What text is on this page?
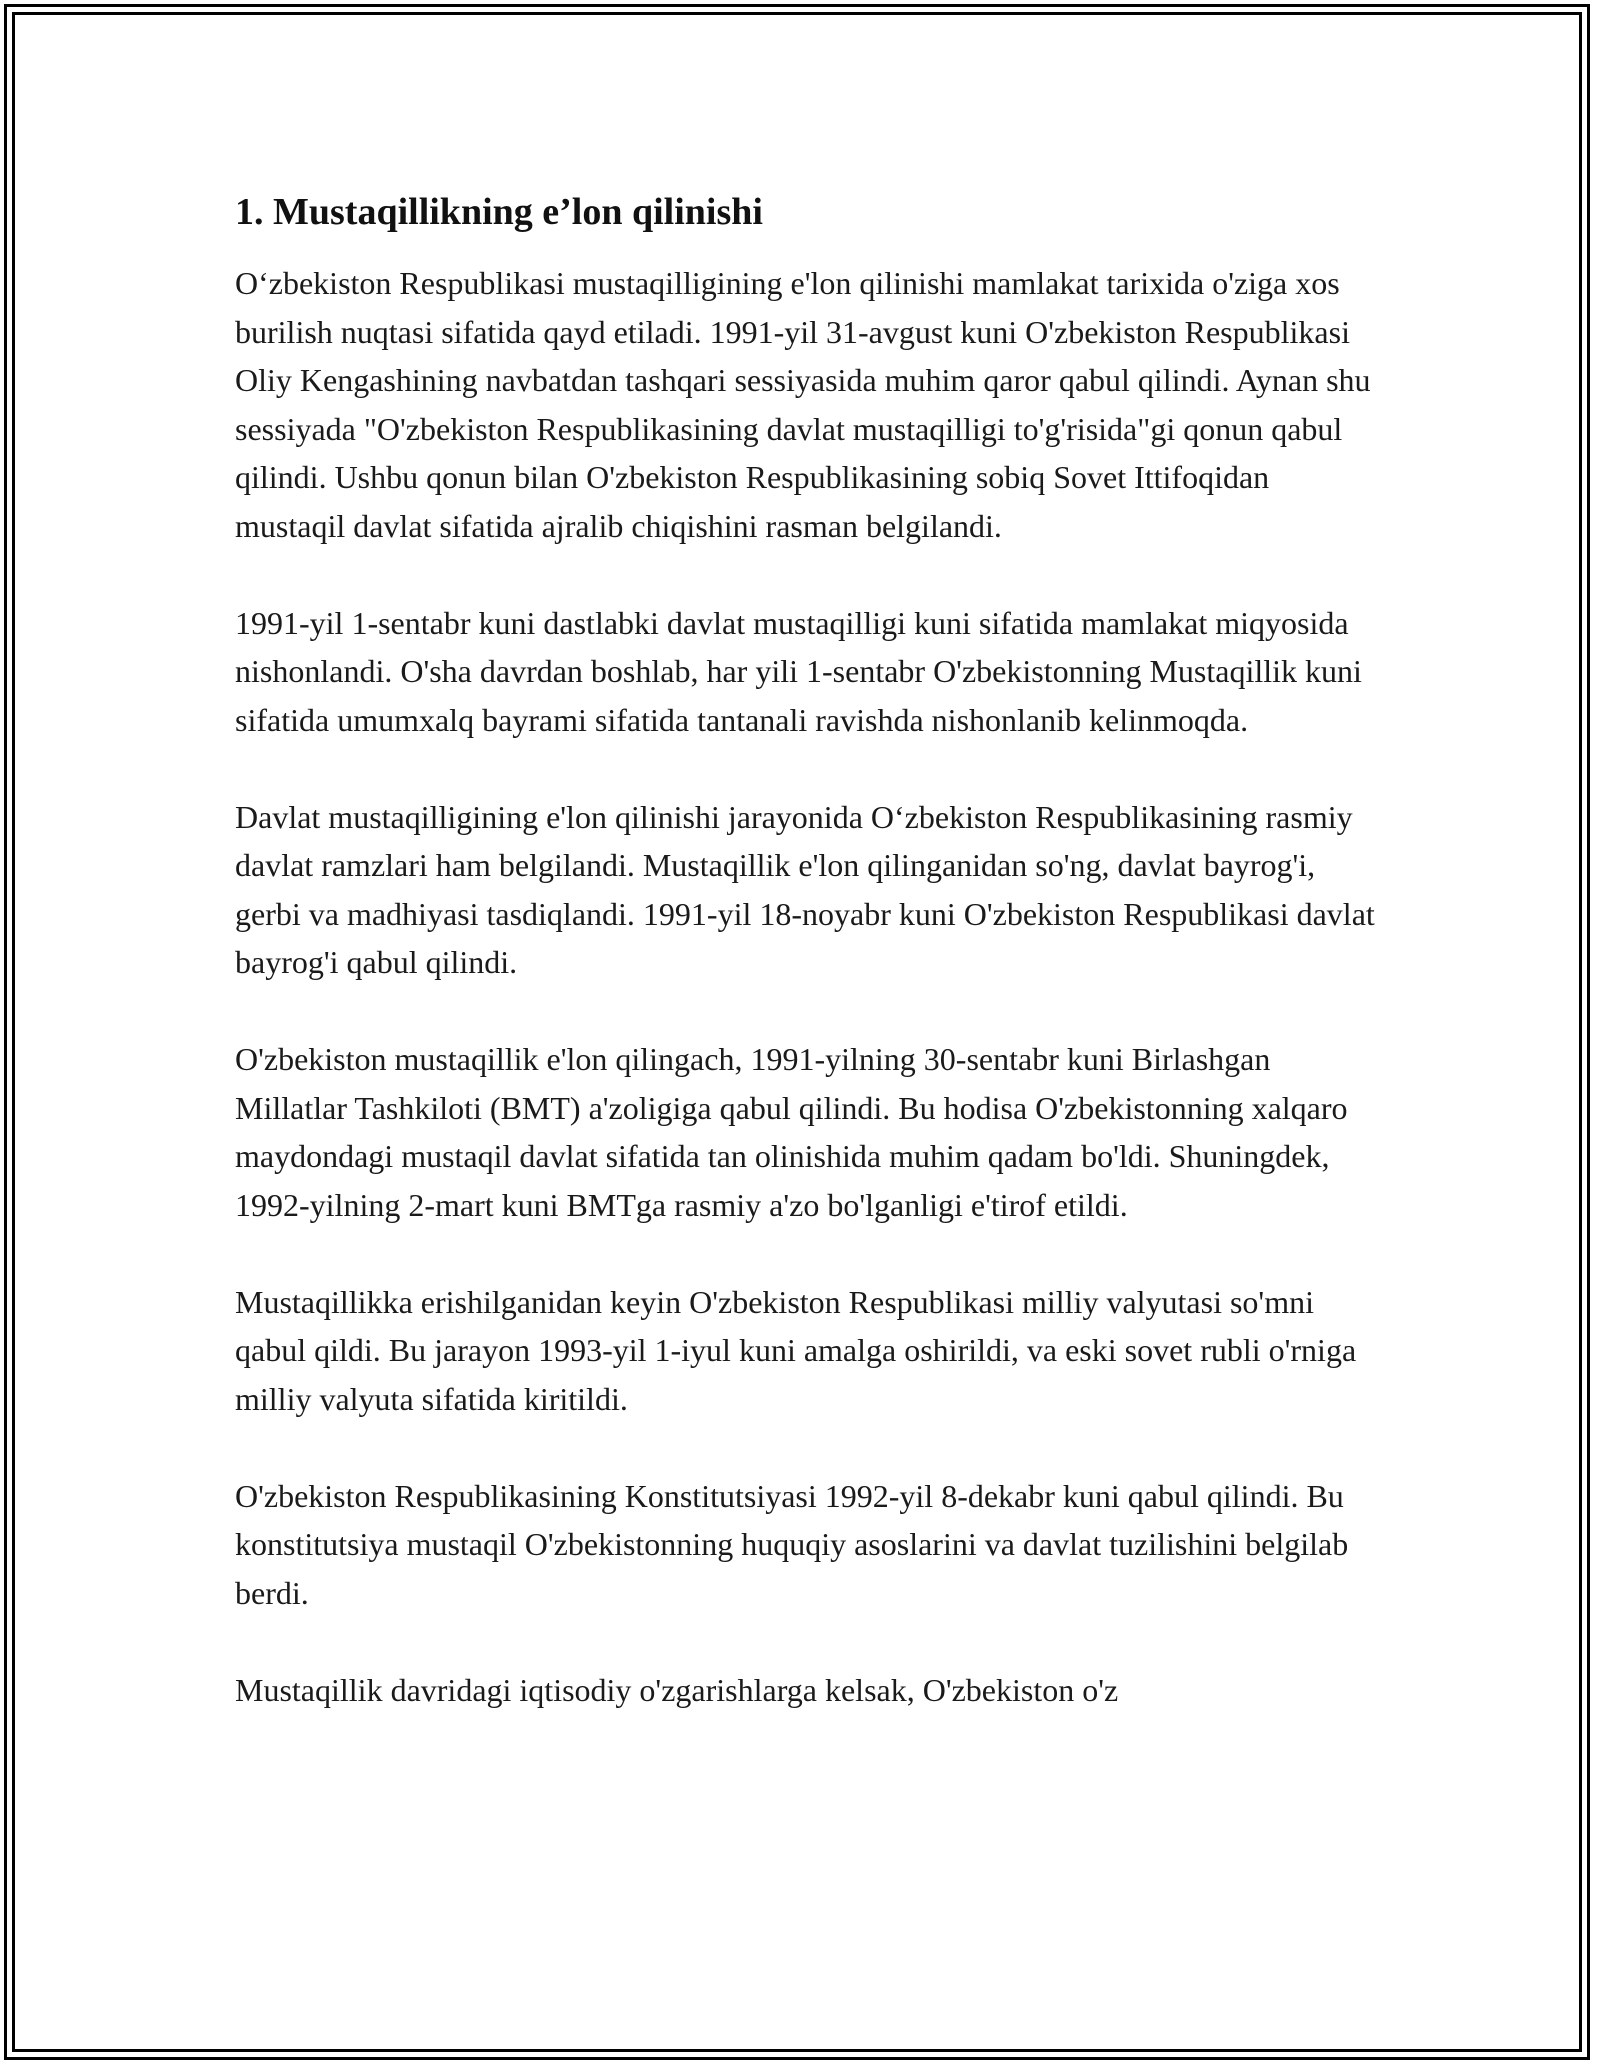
1. Mustaqillikning e’lon qilinishi

O‘zbekiston Respublikasi mustaqilligining e'lon qilinishi mamlakat tarixida o'ziga xos burilish nuqtasi sifatida qayd etiladi. 1991-yil 31-avgust kuni O'zbekiston Respublikasi Oliy Kengashining navbatdan tashqari sessiyasida muhim qaror qabul qilindi. Aynan shu sessiyada "O'zbekiston Respublikasining davlat mustaqilligi to'g'risida"gi qonun qabul qilindi. Ushbu qonun bilan O'zbekiston Respublikasining sobiq Sovet Ittifoqidan mustaqil davlat sifatida ajralib chiqishini rasman belgilandi.

1991-yil 1-sentabr kuni dastlabki davlat mustaqilligi kuni sifatida mamlakat miqyosida nishonlandi. O'sha davrdan boshlab, har yili 1-sentabr O'zbekistonning Mustaqillik kuni sifatida umumxalq bayrami sifatida tantanali ravishda nishonlanib kelinmoqda.

Davlat mustaqilligining e'lon qilinishi jarayonida O‘zbekiston Respublikasining rasmiy davlat ramzlari ham belgilandi. Mustaqillik e'lon qilinganidan so'ng, davlat bayrog'i, gerbi va madhiyasi tasdiqlandi. 1991-yil 18-noyabr kuni O'zbekiston Respublikasi davlat bayrog'i qabul qilindi.

O'zbekiston mustaqillik e'lon qilingach, 1991-yilning 30-sentabr kuni Birlashgan Millatlar Tashkiloti (BMT) a'zoligiga qabul qilindi. Bu hodisa O'zbekistonning xalqaro maydondagi mustaqil davlat sifatida tan olinishida muhim qadam bo'ldi. Shuningdek, 1992-yilning 2-mart kuni BMTga rasmiy a'zo bo'lganligi e'tirof etildi.

Mustaqillikka erishilganidan keyin O'zbekiston Respublikasi milliy valyutasi so'mni qabul qildi. Bu jarayon 1993-yil 1-iyul kuni amalga oshirildi, va eski sovet rubli o'rniga milliy valyuta sifatida kiritildi.

O'zbekiston Respublikasining Konstitutsiyasi 1992-yil 8-dekabr kuni qabul qilindi. Bu konstitutsiya mustaqil O'zbekistonning huquqiy asoslarini va davlat tuzilishini belgilab berdi.

Mustaqillik davridagi iqtisodiy o'zgarishlarga kelsak, O'zbekiston o'z
